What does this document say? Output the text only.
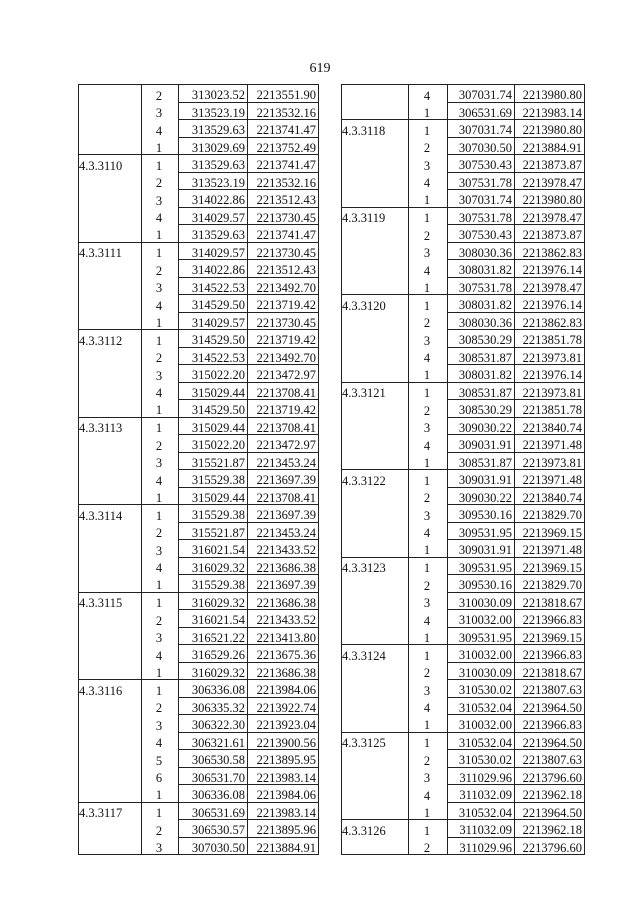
619
	2	313023.52	2213551.90
	3	313523.19	2213532.16
	4	313529.63	2213741.47
	1	313029.69	2213752.49
4.3.3110	1	313529.63	2213741.47
	2	313523.19	2213532.16
	3	314022.86	2213512.43
	4	314029.57	2213730.45
	1	313529.63	2213741.47
4.3.3111	1	314029.57	2213730.45
	2	314022.86	2213512.43
	3	314522.53	2213492.70
	4	314529.50	2213719.42
	1	314029.57	2213730.45
4.3.3112	1	314529.50	2213719.42
	2	314522.53	2213492.70
	3	315022.20	2213472.97
	4	315029.44	2213708.41
	1	314529.50	2213719.42
4.3.3113	1	315029.44	2213708.41
	2	315022.20	2213472.97
	3	315521.87	2213453.24
	4	315529.38	2213697.39
	1	315029.44	2213708.41
4.3.3114	1	315529.38	2213697.39
	2	315521.87	2213453.24
	3	316021.54	2213433.52
	4	316029.32	2213686.38
	1	315529.38	2213697.39
4.3.3115	1	316029.32	2213686.38
	2	316021.54	2213433.52
	3	316521.22	2213413.80
	4	316529.26	2213675.36
	1	316029.32	2213686.38
4.3.3116	1	306336.08	2213984.06
	2	306335.32	2213922.74
	3	306322.30	2213923.04
	4	306321.61	2213900.56
	5	306530.58	2213895.95
	6	306531.70	2213983.14
	1	306336.08	2213984.06
4.3.3117	1	306531.69	2213983.14
	2	306530.57	2213895.96
	3	307030.50	2213884.91
	4	307031.74	2213980.80
	1	306531.69	2213983.14
4.3.3118	1	307031.74	2213980.80
	2	307030.50	2213884.91
	3	307530.43	2213873.87
	4	307531.78	2213978.47
	1	307031.74	2213980.80
4.3.3119	1	307531.78	2213978.47
	2	307530.43	2213873.87
	3	308030.36	2213862.83
	4	308031.82	2213976.14
	1	307531.78	2213978.47
4.3.3120	1	308031.82	2213976.14
	2	308030.36	2213862.83
	3	308530.29	2213851.78
	4	308531.87	2213973.81
	1	308031.82	2213976.14
4.3.3121	1	308531.87	2213973.81
	2	308530.29	2213851.78
	3	309030.22	2213840.74
	4	309031.91	2213971.48
	1	308531.87	2213973.81
4.3.3122	1	309031.91	2213971.48
	2	309030.22	2213840.74
	3	309530.16	2213829.70
	4	309531.95	2213969.15
	1	309031.91	2213971.48
4.3.3123	1	309531.95	2213969.15
	2	309530.16	2213829.70
	3	310030.09	2213818.67
	4	310032.00	2213966.83
	1	309531.95	2213969.15
4.3.3124	1	310032.00	2213966.83
	2	310030.09	2213818.67
	3	310530.02	2213807.63
	4	310532.04	2213964.50
	1	310032.00	2213966.83
4.3.3125	1	310532.04	2213964.50
	2	310530.02	2213807.63
	3	311029.96	2213796.60
	4	311032.09	2213962.18
	1	310532.04	2213964.50
4.3.3126	1	311032.09	2213962.18
	2	311029.96	2213796.60
